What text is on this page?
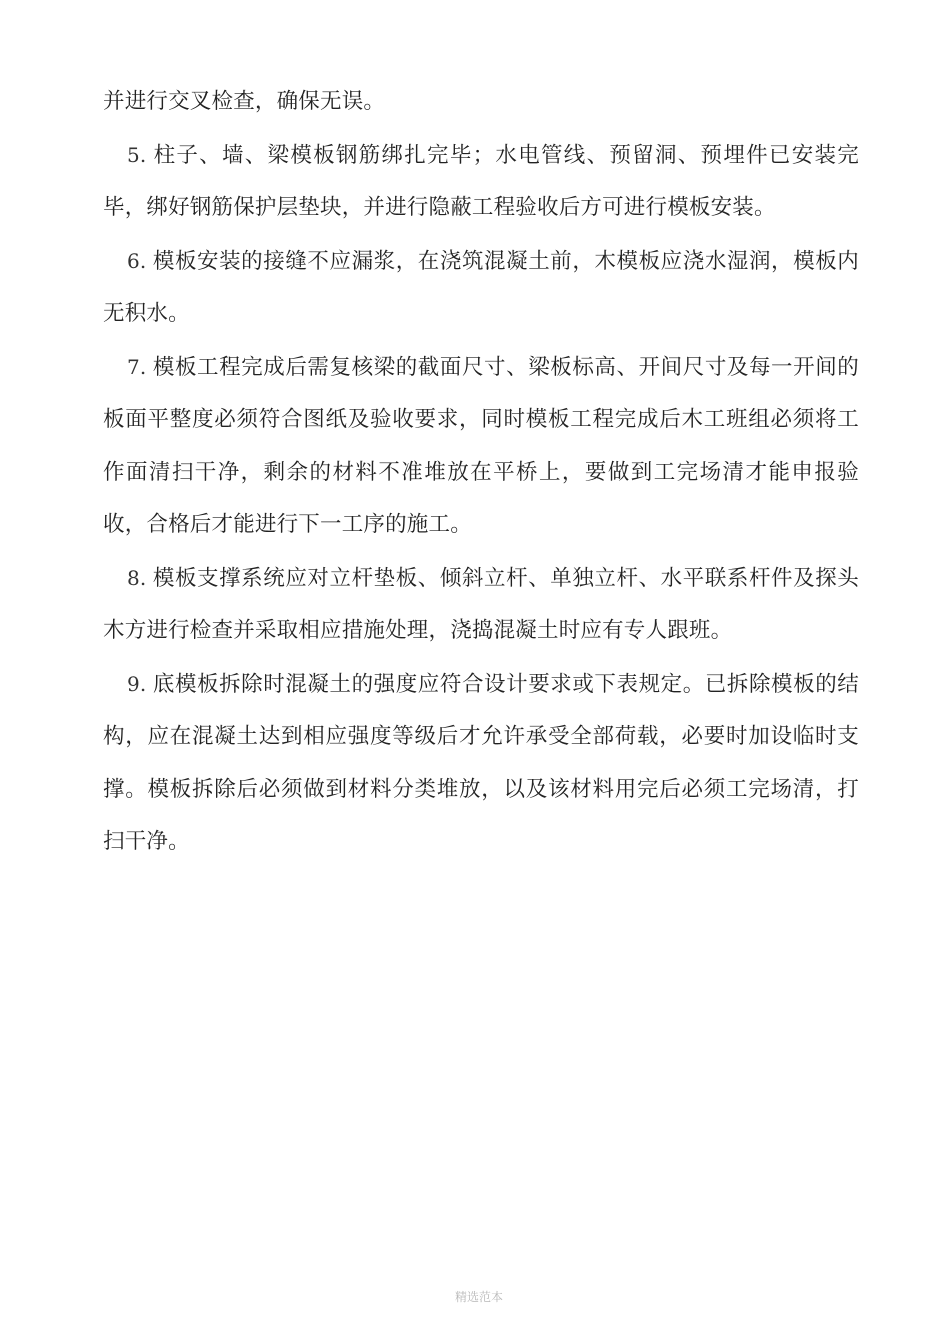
并进行交叉检查，确保无误。

5. 柱子、墙、梁模板钢筋绑扎完毕；水电管线、预留洞、预埋件已安装完毕，绑好钢筋保护层垫块，并进行隐蔽工程验收后方可进行模板安装。

6. 模板安装的接缝不应漏浆，在浇筑混凝土前，木模板应浇水湿润，模板内无积水。

7. 模板工程完成后需复核梁的截面尺寸、梁板标高、开间尺寸及每一开间的板面平整度必须符合图纸及验收要求，同时模板工程完成后木工班组必须将工作面清扫干净，剩余的材料不准堆放在平桥上，要做到工完场清才能申报验收，合格后才能进行下一工序的施工。

8. 模板支撑系统应对立杆垫板、倾斜立杆、单独立杆、水平联系杆件及探头木方进行检查并采取相应措施处理，浇捣混凝土时应有专人跟班。

9. 底模板拆除时混凝土的强度应符合设计要求或下表规定。已拆除模板的结构，应在混凝土达到相应强度等级后才允许承受全部荷载，必要时加设临时支撑。模板拆除后必须做到材料分类堆放，以及该材料用完后必须工完场清，打扫干净。

精选范本
